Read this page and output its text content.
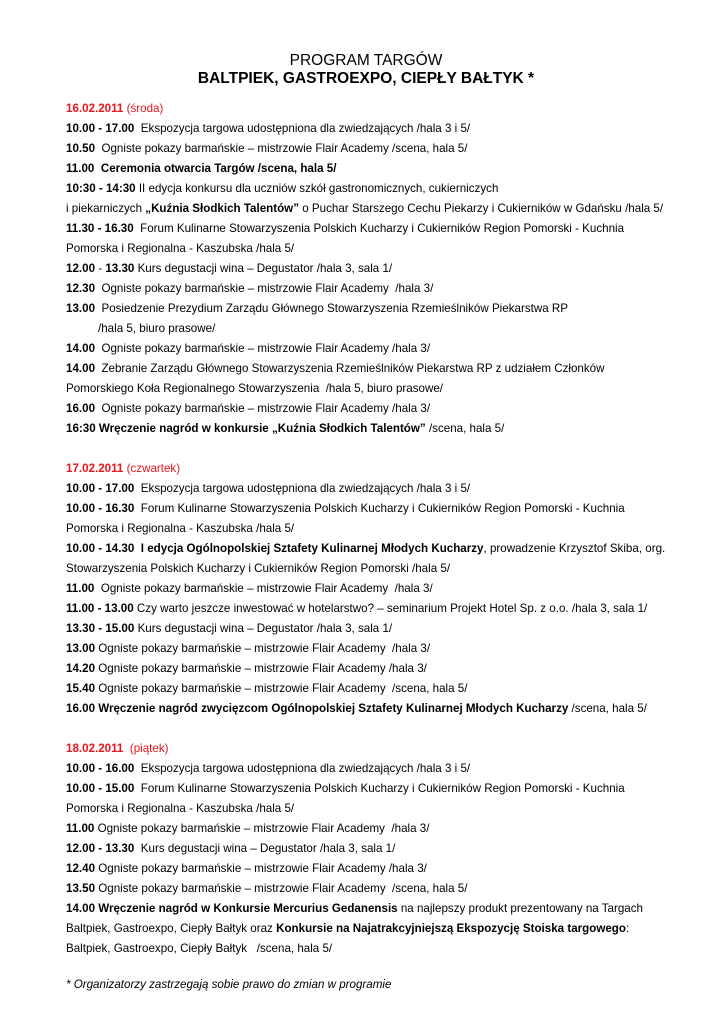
PROGRAM TARGÓW
BALTPIEK, GASTROEXPO, CIEPŁY BAŁTYK *
16.02.2011 (środa)
10.00 - 17.00  Ekspozycja targowa udostępniona dla zwiedzających /hala 3 i 5/
10.50  Ogniste pokazy barmańskie – mistrzowie Flair Academy /scena, hala 5/
11.00  Ceremonia otwarcia Targów /scena, hala 5/
10:30 - 14:30 II edycja konkursu dla uczniów szkół gastronomicznych, cukierniczych
i piekarniczych „Kuźnia Słodkich Talentów” o Puchar Starszego Cechu Piekarzy i Cukierników w Gdańsku /hala 5/
11.30 - 16.30  Forum Kulinarne Stowarzyszenia Polskich Kucharzy i Cukierników Region Pomorski - Kuchnia
Pomorska i Regionalna - Kaszubska /hala 5/
12.00 - 13.30 Kurs degustacji wina – Degustator /hala 3, sala 1/
12.30  Ogniste pokazy barmańskie – mistrzowie Flair Academy  /hala 3/
13.00  Posiedzenie Prezydium Zarządu Głównego Stowarzyszenia Rzemieślników Piekarstwa RP
/hala 5, biuro prasowe/
14.00  Ogniste pokazy barmańskie – mistrzowie Flair Academy /hala 3/
14.00  Zebranie Zarządu Głównego Stowarzyszenia Rzemieślników Piekarstwa RP z udziałem Członków
Pomorskiego Koła Regionalnego Stowarzyszenia  /hala 5, biuro prasowe/
16.00  Ogniste pokazy barmańskie – mistrzowie Flair Academy /hala 3/
16:30 Wręczenie nagród w konkursie „Kuźnia Słodkich Talentów” /scena, hala 5/
17.02.2011 (czwartek)
10.00 - 17.00  Ekspozycja targowa udostępniona dla zwiedzających /hala 3 i 5/
10.00 - 16.30  Forum Kulinarne Stowarzyszenia Polskich Kucharzy i Cukierników Region Pomorski - Kuchnia
Pomorska i Regionalna - Kaszubska /hala 5/
10.00 - 14.30  I edycja Ogólnopolskiej Sztafety Kulinarnej Młodych Kucharzy, prowadzenie Krzysztof Skiba, org.
Stowarzyszenia Polskich Kucharzy i Cukierników Region Pomorski /hala 5/
11.00  Ogniste pokazy barmańskie – mistrzowie Flair Academy  /hala 3/
11.00 - 13.00 Czy warto jeszcze inwestować w hotelarstwo? – seminarium Projekt Hotel Sp. z o.o. /hala 3, sala 1/
13.30 - 15.00 Kurs degustacji wina – Degustator /hala 3, sala 1/
13.00 Ogniste pokazy barmańskie – mistrzowie Flair Academy  /hala 3/
14.20 Ogniste pokazy barmańskie – mistrzowie Flair Academy /hala 3/
15.40 Ogniste pokazy barmańskie – mistrzowie Flair Academy  /scena, hala 5/
16.00 Wręczenie nagród zwycięzcom Ogólnopolskiej Sztafety Kulinarnej Młodych Kucharzy /scena, hala 5/
18.02.2011  (piątek)
10.00 - 16.00  Ekspozycja targowa udostępniona dla zwiedzających /hala 3 i 5/
10.00 - 15.00  Forum Kulinarne Stowarzyszenia Polskich Kucharzy i Cukierników Region Pomorski - Kuchnia
Pomorska i Regionalna - Kaszubska /hala 5/
11.00 Ogniste pokazy barmańskie – mistrzowie Flair Academy  /hala 3/
12.00 - 13.30  Kurs degustacji wina – Degustator /hala 3, sala 1/
12.40 Ogniste pokazy barmańskie – mistrzowie Flair Academy /hala 3/
13.50 Ogniste pokazy barmańskie – mistrzowie Flair Academy  /scena, hala 5/
14.00 Wręczenie nagród w Konkursie Mercurius Gedanensis na najlepszy produkt prezentowany na Targach
Baltpiek, Gastroexpo, Ciepły Bałtyk oraz Konkursie na Najatrakcyjniejszą Ekspozycję Stoiska targowego:
Baltpiek, Gastroexpo, Ciepły Bałtyk   /scena, hala 5/
* Organizatorzy zastrzegają sobie prawo do zmian w programie
